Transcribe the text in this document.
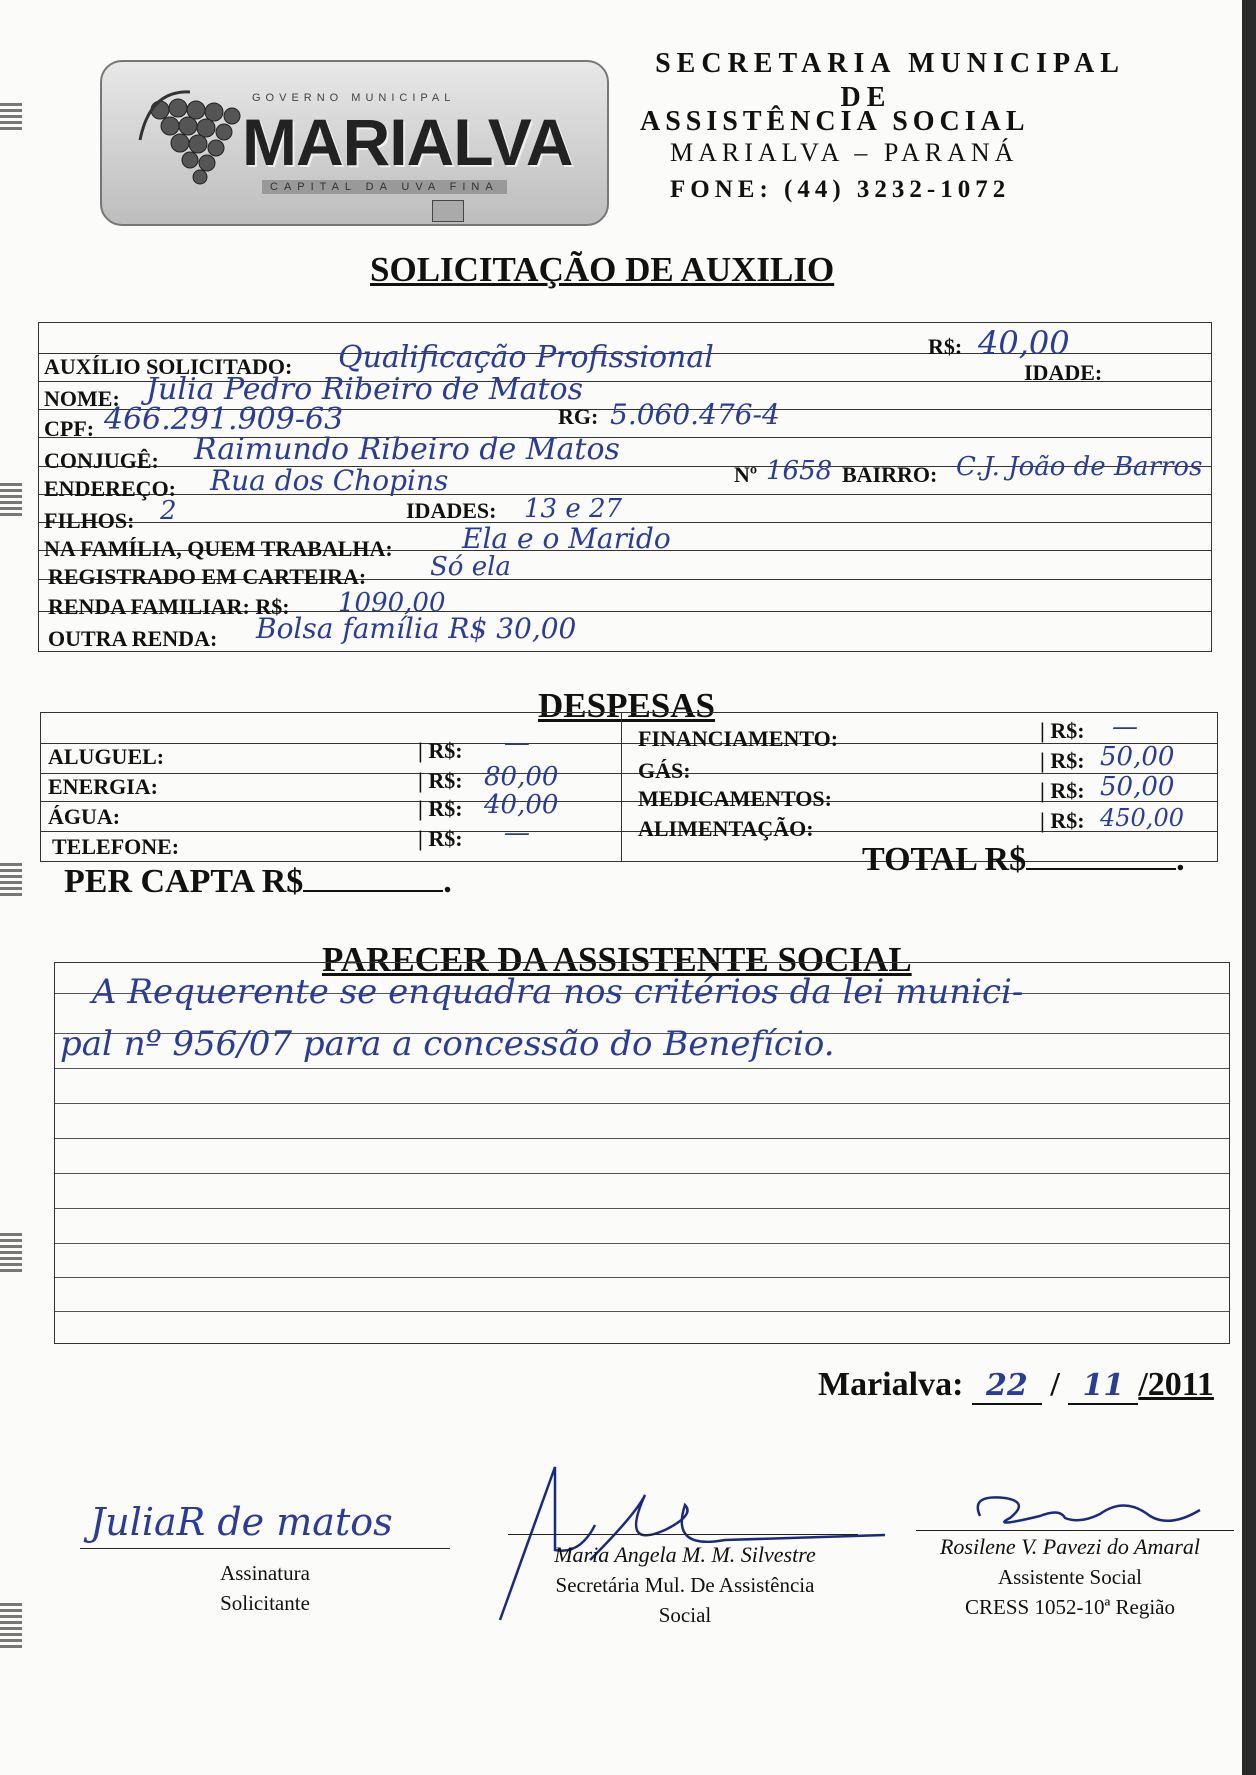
GOVERNO MUNICIPAL
MARIALVA
CAPITAL DA UVA FINA
SECRETARIA MUNICIPAL
DE
ASSISTÊNCIA SOCIAL
MARIALVA – PARANÁ
FONE: (44) 3232-1072
SOLICITAÇÃO DE AUXILIO
AUXÍLIO SOLICITADO: Qualificação Profissional	R$: 40,00
IDADE:
NOME: Julia Pedro Ribeiro de Matos
CPF: 466.291.909-63	RG: 5.060.476-4
CONJUGÊ: Raimundo Ribeiro de Matos
ENDEREÇO: Rua dos Chopins	Nº 1658 BAIRRO: C.J. João de Barros
FILHOS: 2	IDADES: 13 e 27
NA FAMÍLIA, QUEM TRABALHA: Ela e o Marido
REGISTRADO EM CARTEIRA: Só ela
RENDA FAMILIAR: R$: 1090,00
OUTRA RENDA: Bolsa família R$ 30,00
DESPESAS
ALUGUEL:	| R$: —
ENERGIA:	| R$: 80,00
ÁGUA:	| R$: 40,00
TELEFONE:	| R$: —
FINANCIAMENTO:	| R$: —
GÁS:	| R$: 50,00
MEDICAMENTOS:	| R$: 50,00
ALIMENTAÇÃO:	| R$: 450,00
PER CAPTA R$	.
TOTAL R$	.
PARECER DA ASSISTENTE SOCIAL
A Requerente se enquadra nos critérios da lei munici-
pal nº 956/07 para a concessão do Benefício.
Marialva: 22 / 11 /2011
JuliaR de matos
Assinatura
Solicitante
Maria Angela M. M. Silvestre
Secretária Mul. De Assistência
Social
Rosilene V. Pavezi do Amaral
Assistente Social
CRESS 1052-10ª Região
